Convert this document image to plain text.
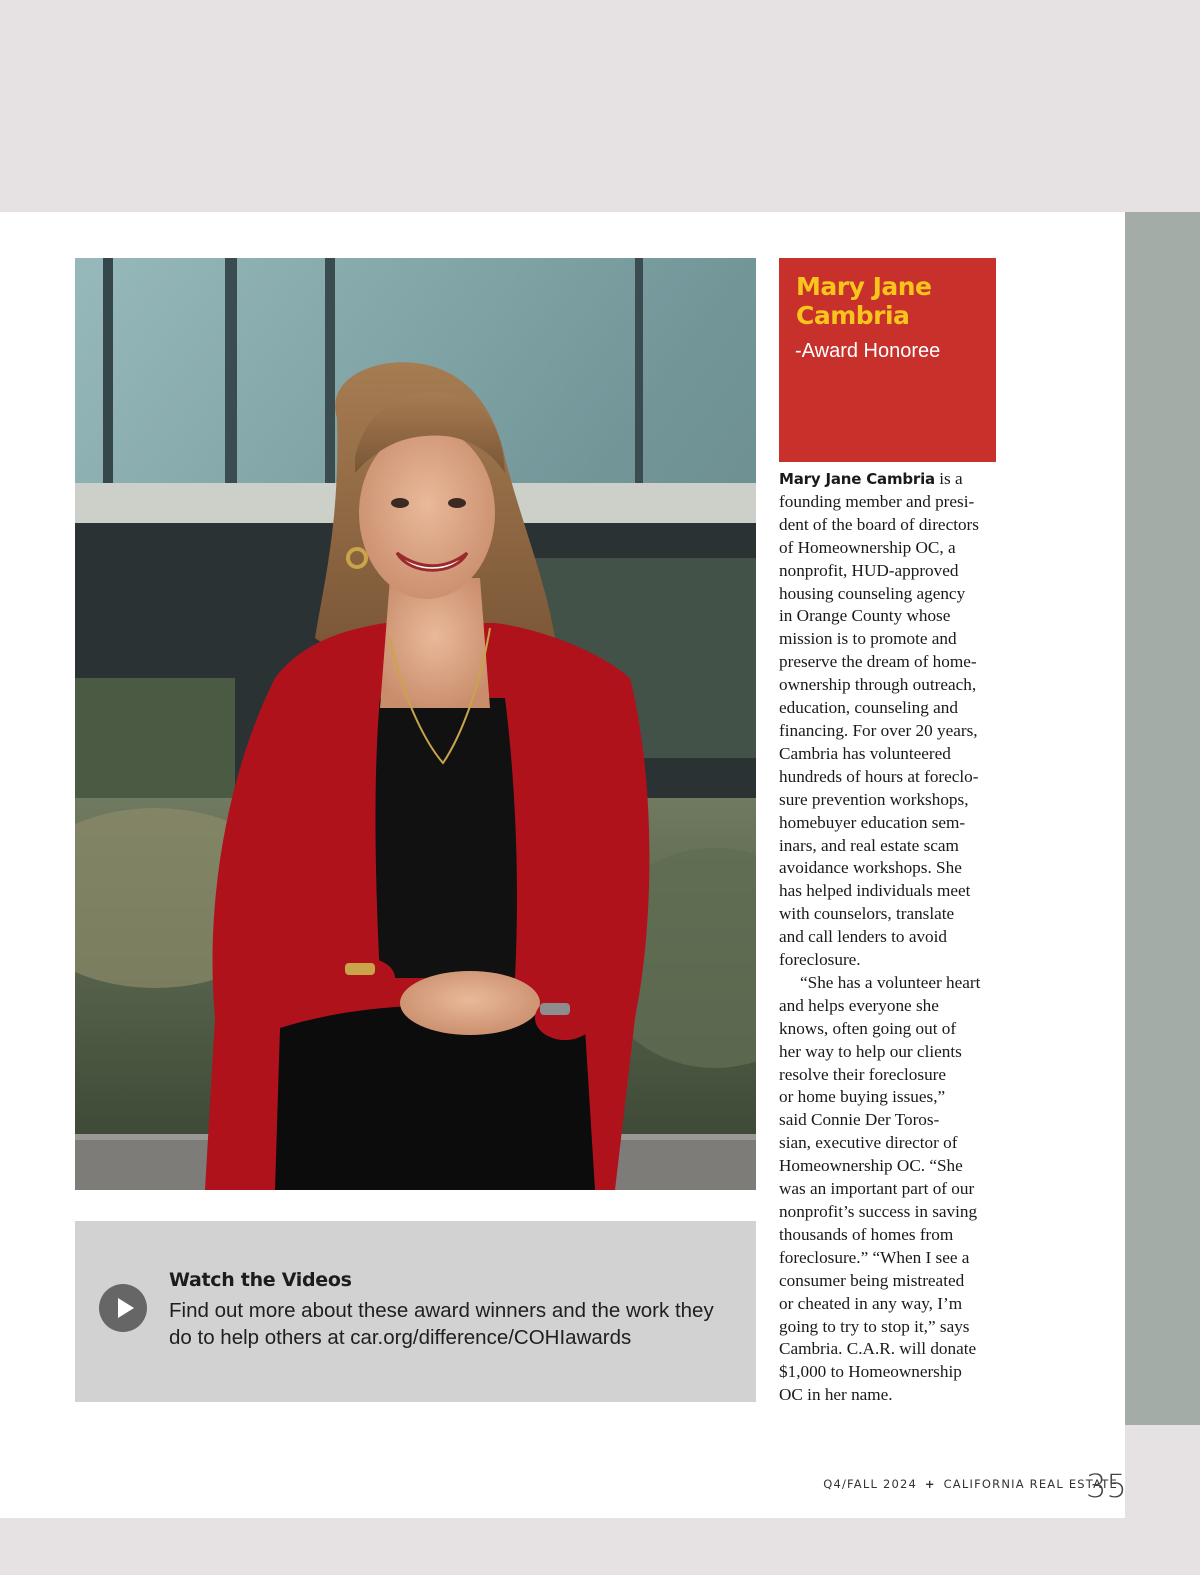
Watch the Videos
Find out more about these award winners and the work they do to help others at car.org/difference/COHIawards
Mary Jane Cambria
-Award Honoree
Mary Jane Cambria is a
founding member and presi-
dent of the board of directors
of Homeownership OC, a
nonprofit, HUD-approved
housing counseling agency
in Orange County whose
mission is to promote and
preserve the dream of home-
ownership through outreach,
education, counseling and
financing. For over 20 years,
Cambria has volunteered
hundreds of hours at foreclo-
sure prevention workshops,
homebuyer education sem-
inars, and real estate scam
avoidance workshops. She
has helped individuals meet
with counselors, translate
and call lenders to avoid
foreclosure.
“She has a volunteer heart
and helps everyone she
knows, often going out of
her way to help our clients
resolve their foreclosure
or home buying issues,”
said Connie Der Toros-
sian, executive director of
Homeownership OC. “She
was an important part of our
nonprofit’s success in saving
thousands of homes from
foreclosure.” “When I see a
consumer being mistreated
or cheated in any way, I’m
going to try to stop it,” says
Cambria. C.A.R. will donate
$1,000 to Homeownership
OC in her name.
Q4/FALL 2024 + CALIFORNIA REAL ESTATE
35
